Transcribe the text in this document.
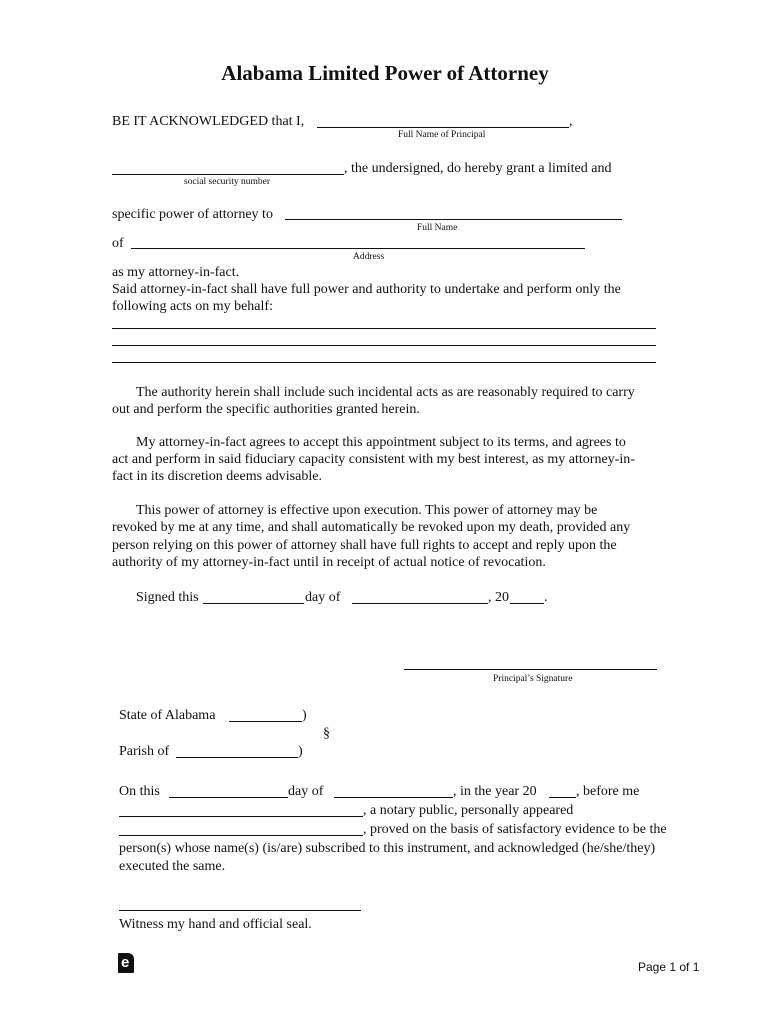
Alabama Limited Power of Attorney
BE IT ACKNOWLEDGED that I,	,
Full Name of Principal
, the undersigned, do hereby grant a limited and
social security number
specific power of attorney to
Full Name
of
Address
as my attorney-in-fact.
Said attorney-in-fact shall have full power and authority to undertake and perform only the
following acts on my behalf:
The authority herein shall include such incidental acts as are reasonably required to carry
out and perform the specific authorities granted herein.
My attorney-in-fact agrees to accept this appointment subject to its terms, and agrees to
act and perform in said fiduciary capacity consistent with my best interest, as my attorney-in-
fact in its discretion deems advisable.
This power of attorney is effective upon execution. This power of attorney may be
revoked by me at any time, and shall automatically be revoked upon my death, provided any
person relying on this power of attorney shall have full rights to accept and reply upon the
authority of my attorney-in-fact until in receipt of actual notice of revocation.
Signed this	day of	, 20	.
Principal’s Signature
State of Alabama	)
§
Parish of	)
On this	day of	, in the year 20	, before me
, a notary public, personally appeared
, proved on the basis of satisfactory evidence to be the
person(s) whose name(s) (is/are) subscribed to this instrument, and acknowledged (he/she/they)
executed the same.
Witness my hand and official seal.
e	Page 1 of 1
